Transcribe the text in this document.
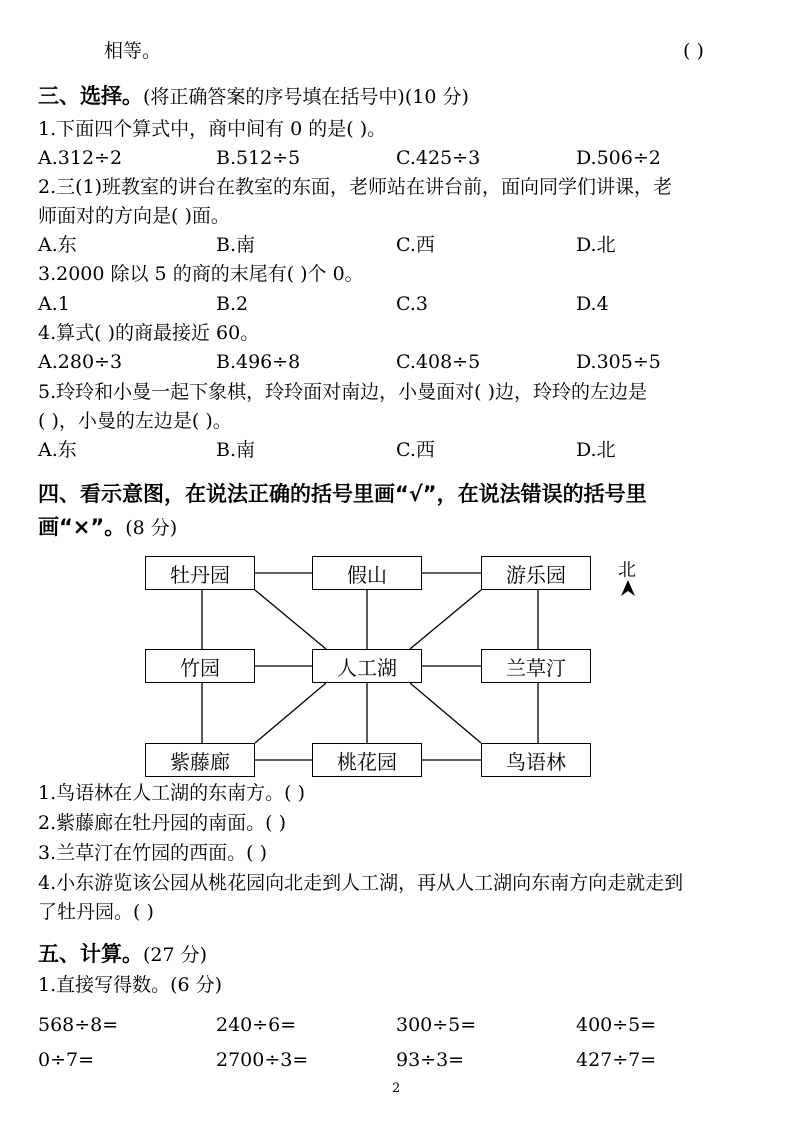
相等。	( )
三、选择。(将正确答案的序号填在括号中)(10 分)
1.下面四个算式中，商中间有 0 的是( )。
A.312÷2	B.512÷5	C.425÷3	D.506÷2
2.三(1)班教室的讲台在教室的东面，老师站在讲台前，面向同学们讲课，老
师面对的方向是( )面。
A.东	B.南	C.西	D.北
3.2000 除以 5 的商的末尾有( )个 0。
A.1	B.2	C.3	D.4
4.算式( )的商最接近 60。
A.280÷3	B.496÷8	C.408÷5	D.305÷5
5.玲玲和小曼一起下象棋，玲玲面对南边，小曼面对( )边，玲玲的左边是
( )，小曼的左边是( )。
A.东	B.南	C.西	D.北
四、看示意图，在说法正确的括号里画“√”，在说法错误的括号里
画“×”。(8 分)
北
牡丹园	假山	游乐园
竹园	人工湖	兰草汀
紫藤廊	桃花园	鸟语林
1.鸟语林在人工湖的东南方。( )
2.紫藤廊在牡丹园的南面。( )
3.兰草汀在竹园的西面。( )
4.小东游览该公园从桃花园向北走到人工湖，再从人工湖向东南方向走就走到
了牡丹园。( )
五、计算。(27 分)
1.直接写得数。(6 分)
568÷8=	240÷6=	300÷5=	400÷5=
0÷7=	2700÷3=	93÷3=	427÷7=
2
